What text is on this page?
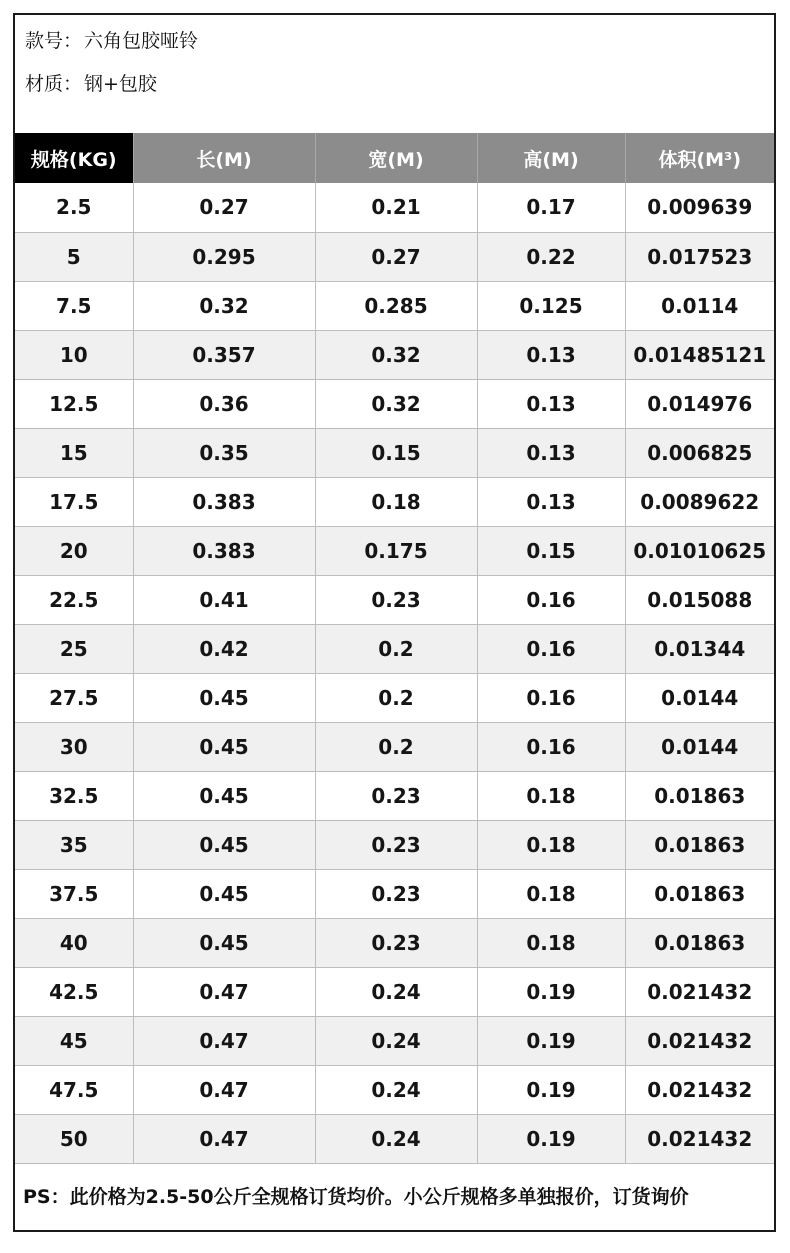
款号： 六角包胶哑铃
材质： 钢+包胶
规格(KG)	长(M)	宽(M)	高(M)	体积(M³)
2.5	0.27	0.21	0.17	0.009639
5	0.295	0.27	0.22	0.017523
7.5	0.32	0.285	0.125	0.0114
10	0.357	0.32	0.13	0.01485121
12.5	0.36	0.32	0.13	0.014976
15	0.35	0.15	0.13	0.006825
17.5	0.383	0.18	0.13	0.0089622
20	0.383	0.175	0.15	0.01010625
22.5	0.41	0.23	0.16	0.015088
25	0.42	0.2	0.16	0.01344
27.5	0.45	0.2	0.16	0.0144
30	0.45	0.2	0.16	0.0144
32.5	0.45	0.23	0.18	0.01863
35	0.45	0.23	0.18	0.01863
37.5	0.45	0.23	0.18	0.01863
40	0.45	0.23	0.18	0.01863
42.5	0.47	0.24	0.19	0.021432
45	0.47	0.24	0.19	0.021432
47.5	0.47	0.24	0.19	0.021432
50	0.47	0.24	0.19	0.021432
PS：此价格为2.5-50公斤全规格订货均价。小公斤规格多单独报价，订货询价
